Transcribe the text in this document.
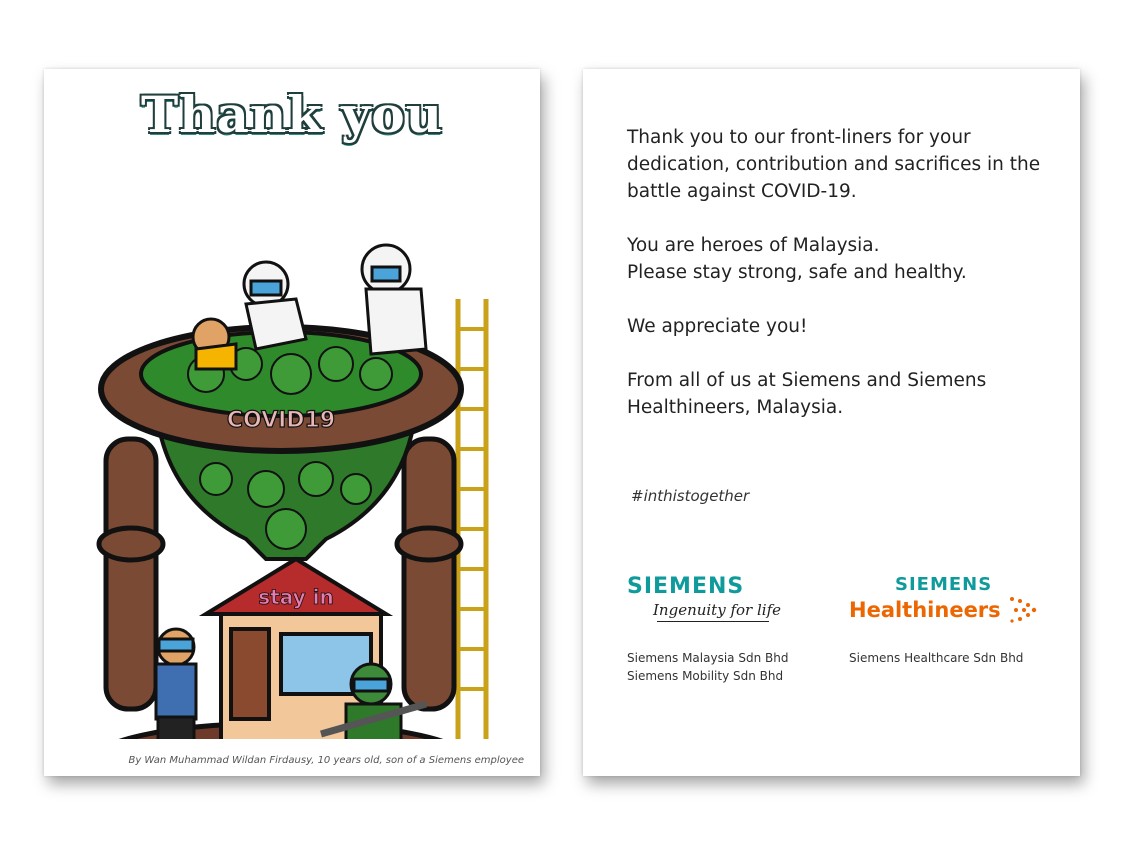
Thank you
COVID19
stay in
By Wan Muhammad Wildan Firdausy, 10 years old, son of a Siemens employee

Thank you to our front-liners for your dedication, contribution and sacrifices in the battle against COVID-19.

You are heroes of Malaysia.
Please stay strong, safe and healthy.

We appreciate you!

From all of us at Siemens and Siemens Healthineers, Malaysia.

#inthistogether
SIEMENS
Ingenuity for life
SIEMENS
Healthineers
Siemens Malaysia Sdn Bhd
Siemens Mobility Sdn Bhd
Siemens Healthcare Sdn Bhd
